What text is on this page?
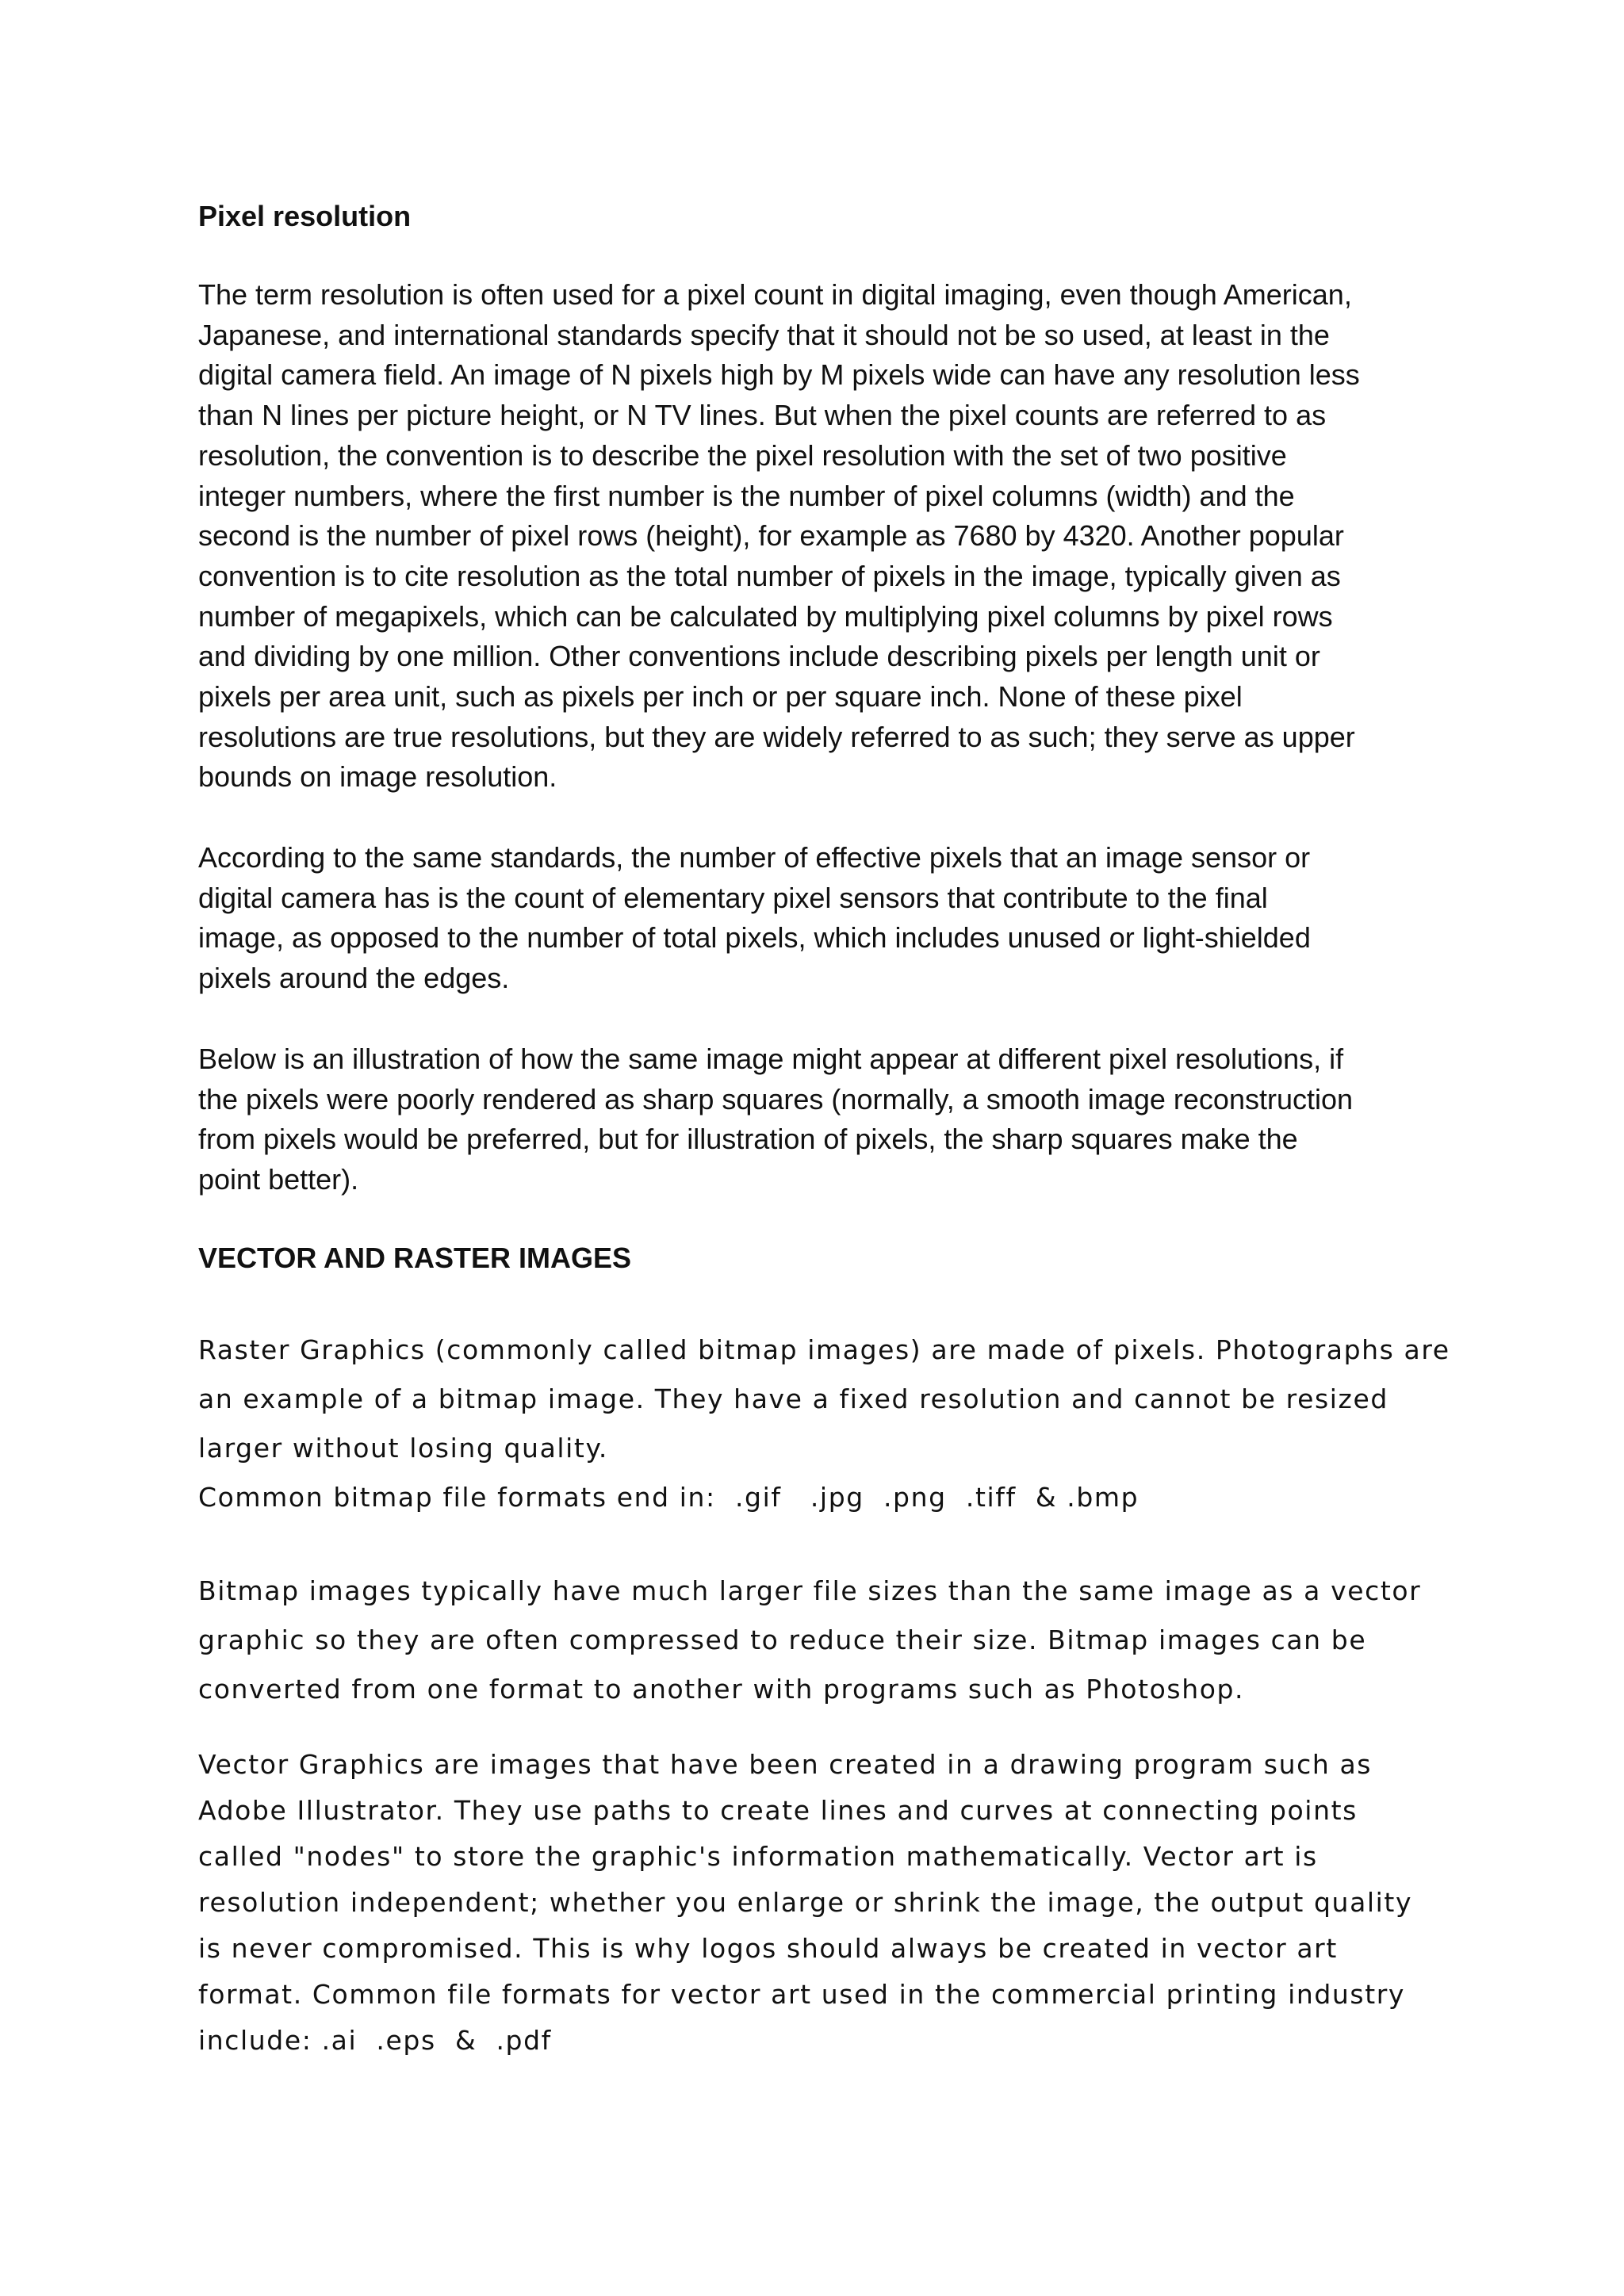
Pixel resolution

The term resolution is often used for a pixel count in digital imaging, even though American,
Japanese, and international standards specify that it should not be so used, at least in the
digital camera field. An image of N pixels high by M pixels wide can have any resolution less
than N lines per picture height, or N TV lines. But when the pixel counts are referred to as
resolution, the convention is to describe the pixel resolution with the set of two positive
integer numbers, where the first number is the number of pixel columns (width) and the
second is the number of pixel rows (height), for example as 7680 by 4320. Another popular
convention is to cite resolution as the total number of pixels in the image, typically given as
number of megapixels, which can be calculated by multiplying pixel columns by pixel rows
and dividing by one million. Other conventions include describing pixels per length unit or
pixels per area unit, such as pixels per inch or per square inch. None of these pixel
resolutions are true resolutions, but they are widely referred to as such; they serve as upper
bounds on image resolution.

According to the same standards, the number of effective pixels that an image sensor or
digital camera has is the count of elementary pixel sensors that contribute to the final
image, as opposed to the number of total pixels, which includes unused or light-shielded
pixels around the edges.

Below is an illustration of how the same image might appear at different pixel resolutions, if
the pixels were poorly rendered as sharp squares (normally, a smooth image reconstruction
from pixels would be preferred, but for illustration of pixels, the sharp squares make the
point better).

VECTOR AND RASTER IMAGES

Raster Graphics (commonly called bitmap images) are made of pixels. Photographs are
an example of a bitmap image. They have a fixed resolution and cannot be resized
larger without losing quality.
Common bitmap file formats end in:  .gif   .jpg  .png  .tiff  & .bmp

Bitmap images typically have much larger file sizes than the same image as a vector
graphic so they are often compressed to reduce their size. Bitmap images can be
converted from one format to another with programs such as Photoshop.

Vector Graphics are images that have been created in a drawing program such as
Adobe Illustrator. They use paths to create lines and curves at connecting points
called "nodes" to store the graphic's information mathematically. Vector art is
resolution independent; whether you enlarge or shrink the image, the output quality
is never compromised. This is why logos should always be created in vector art
format. Common file formats for vector art used in the commercial printing industry
include: .ai  .eps  &  .pdf
